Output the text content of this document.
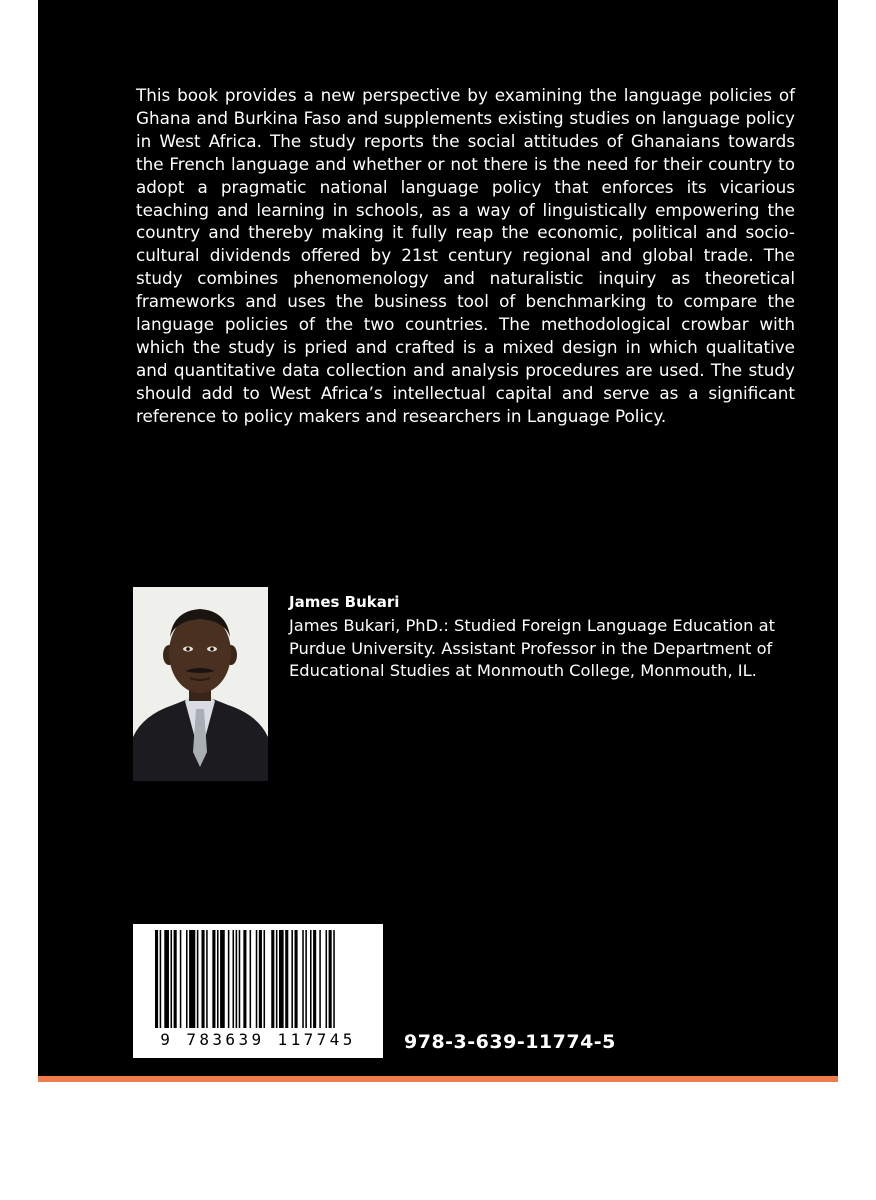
This book provides a new perspective by examining the language policies of Ghana and Burkina Faso and supplements existing studies on language policy in West Africa. The study reports the social attitudes of Ghanaians towards the French language and whether or not there is the need for their country to adopt a pragmatic national language policy that enforces its vicarious teaching and learning in schools, as a way of linguistically empowering the country and thereby making it fully reap the economic, political and socio-cultural dividends offered by 21st century regional and global trade. The study combines phenomenology and naturalistic inquiry as theoretical frameworks and uses the business tool of benchmarking to compare the language policies of the two countries. The methodological crowbar with which the study is pried and crafted is a mixed design in which qualitative and quantitative data collection and analysis procedures are used. The study should add to West Africa’s intellectual capital and serve as a significant reference to policy makers and researchers in Language Policy.

James Bukari

James Bukari, PhD.: Studied Foreign Language Education at Purdue University. Assistant Professor in the Department of Educational Studies at Monmouth College, Monmouth, IL.

9 783639 117745	978-3-639-11774-5
